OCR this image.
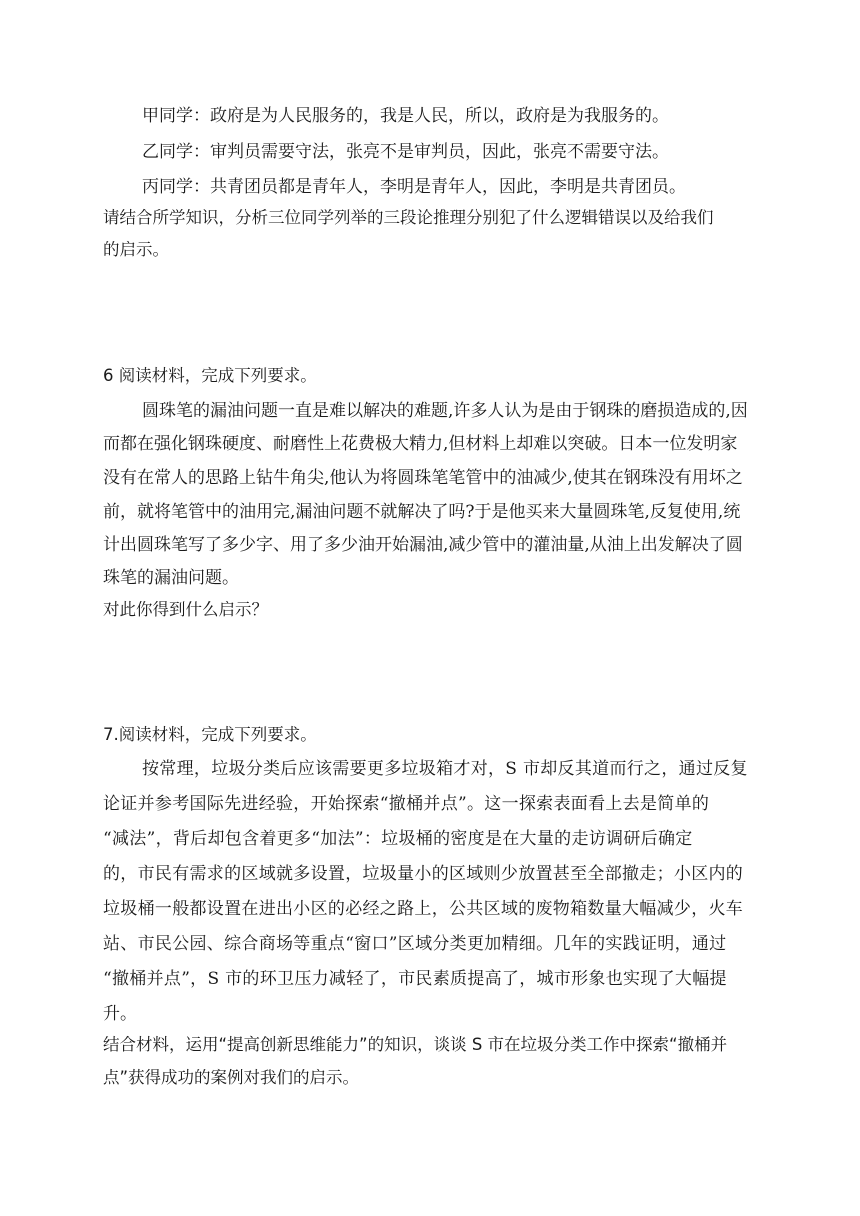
甲同学：政府是为人民服务的，我是人民，所以，政府是为我服务的。
乙同学：审判员需要守法，张亮不是审判员，因此，张亮不需要守法。
丙同学：共青团员都是青年人，李明是青年人，因此，李明是共青团员。
请结合所学知识，分析三位同学列举的三段论推理分别犯了什么逻辑错误以及给我们
的启示。
6 阅读材料，完成下列要求。
圆珠笔的漏油问题一直是难以解决的难题,许多人认为是由于钢珠的磨损造成的,因
而都在强化钢珠硬度、耐磨性上花费极大精力,但材料上却难以突破。日本一位发明家
没有在常人的思路上钻牛角尖,他认为将圆珠笔笔管中的油减少,使其在钢珠没有用坏之
前，就将笔管中的油用完,漏油问题不就解决了吗?于是他买来大量圆珠笔,反复使用,统
计出圆珠笔写了多少字、用了多少油开始漏油,减少管中的灌油量,从油上出发解决了圆
珠笔的漏油问题。
对此你得到什么启示？
7.阅读材料，完成下列要求。
按常理，垃圾分类后应该需要更多垃圾箱才对，S 市却反其道而行之，通过反复
论证并参考国际先进经验，开始探索“撤桶并点”。这一探索表面看上去是简单的
“减法”，背后却包含着更多“加法”：垃圾桶的密度是在大量的走访调研后确定
的，市民有需求的区域就多设置，垃圾量小的区域则少放置甚至全部撤走；小区内的
垃圾桶一般都设置在进出小区的必经之路上，公共区域的废物箱数量大幅减少，火车
站、市民公园、综合商场等重点“窗口”区域分类更加精细。几年的实践证明，通过
“撤桶并点”，S 市的环卫压力减轻了，市民素质提高了，城市形象也实现了大幅提
升。
结合材料，运用“提高创新思维能力”的知识，谈谈 S 市在垃圾分类工作中探索“撤桶并
点”获得成功的案例对我们的启示。
